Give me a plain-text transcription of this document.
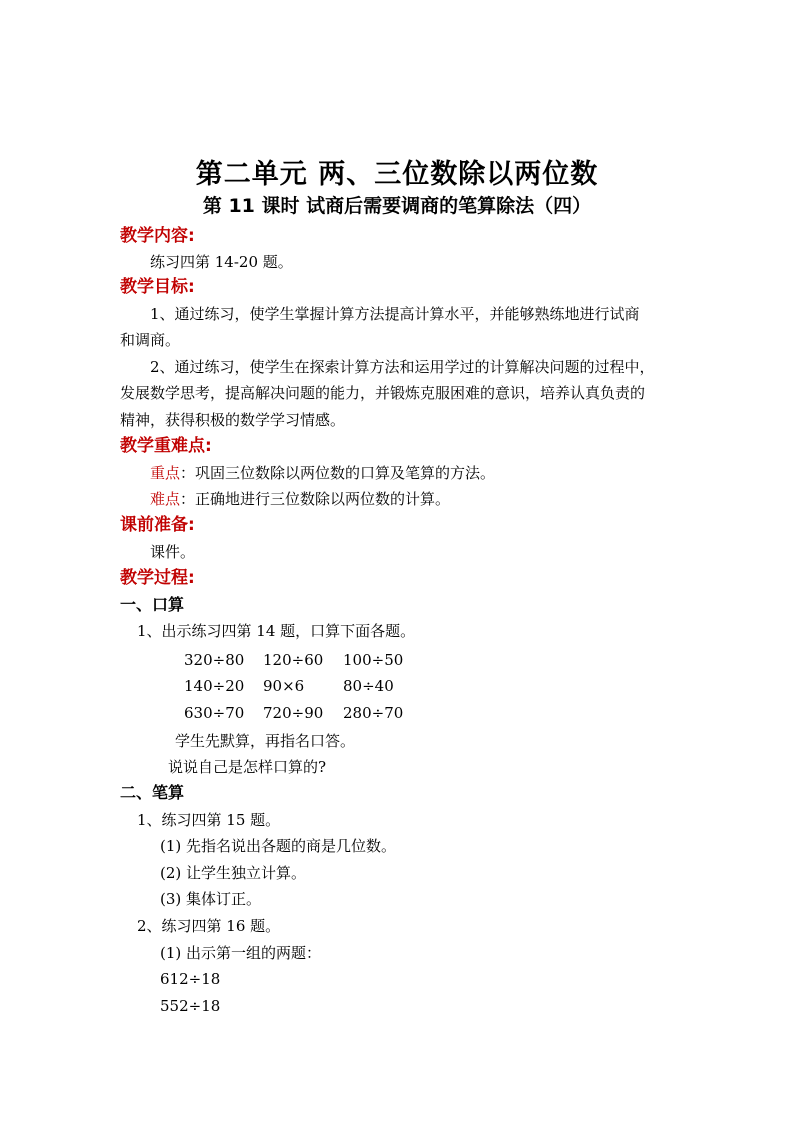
第二单元 两、三位数除以两位数
第 11 课时 试商后需要调商的笔算除法（四）
教学内容:
练习四第 14-20 题。
教学目标:
1、通过练习，使学生掌握计算方法提高计算水平，并能够熟练地进行试商
和调商。
2、通过练习，使学生在探索计算方法和运用学过的计算解决问题的过程中，
发展数学思考，提高解决问题的能力，并锻炼克服困难的意识，培养认真负责的
精神，获得积极的数学学习情感。
教学重难点:
重点：巩固三位数除以两位数的口算及笔算的方法。
难点：正确地进行三位数除以两位数的计算。
课前准备:
课件。
教学过程:
一、口算
1、出示练习四第 14 题，口算下面各题。
320÷80 120÷60 100÷50
140÷20 90×6	80÷40
630÷70 720÷90 280÷70
学生先默算，再指名口答。
说说自己是怎样口算的?
二、笔算
1、练习四第 15 题。
(1) 先指名说出各题的商是几位数。
(2) 让学生独立计算。
(3) 集体订正。
2、练习四第 16 题。
(1) 出示第一组的两题：
612÷18
552÷18
